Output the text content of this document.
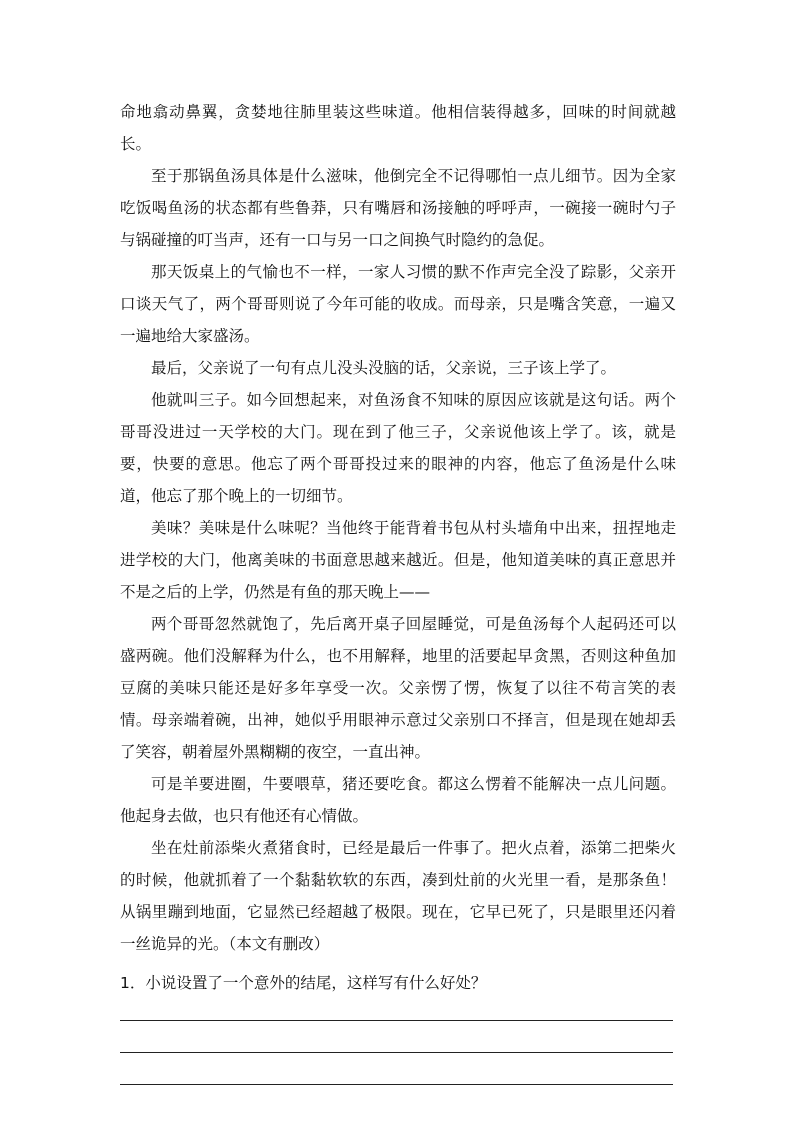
命地翕动鼻翼，贪婪地往肺里装这些味道。他相信装得越多，回味的时间就越长。

至于那锅鱼汤具体是什么滋味，他倒完全不记得哪怕一点儿细节。因为全家吃饭喝鱼汤的状态都有些鲁莽，只有嘴唇和汤接触的呼呼声，一碗接一碗时勺子与锅碰撞的叮当声，还有一口与另一口之间换气时隐约的急促。

那天饭桌上的气愉也不一样，一家人习惯的默不作声完全没了踪影，父亲开口谈天气了，两个哥哥则说了今年可能的收成。而母亲，只是嘴含笑意，一遍又一遍地给大家盛汤。

最后，父亲说了一句有点儿没头没脑的话，父亲说，三子该上学了。

他就叫三子。如今回想起来，对鱼汤食不知味的原因应该就是这句话。两个哥哥没进过一天学校的大门。现在到了他三子，父亲说他该上学了。该，就是要，快要的意思。他忘了两个哥哥投过来的眼神的内容，他忘了鱼汤是什么味道，他忘了那个晚上的一切细节。

美味？美味是什么味呢？当他终于能背着书包从村头墙角中出来，扭捏地走进学校的大门，他离美味的书面意思越来越近。但是，他知道美味的真正意思并不是之后的上学，仍然是有鱼的那天晚上——

两个哥哥忽然就饱了，先后离开桌子回屋睡觉，可是鱼汤每个人起码还可以盛两碗。他们没解释为什么，也不用解释，地里的活要起早贪黑，否则这种鱼加豆腐的美味只能还是好多年享受一次。父亲愣了愣，恢复了以往不苟言笑的表情。母亲端着碗，出神，她似乎用眼神示意过父亲别口不择言，但是现在她却丢了笑容，朝着屋外黑糊糊的夜空，一直出神。

可是羊要进圈，牛要喂草，猪还要吃食。都这么愣着不能解决一点儿问题。他起身去做，也只有他还有心情做。

坐在灶前添柴火煮猪食时，已经是最后一件事了。把火点着，添第二把柴火的时候，他就抓着了一个黏黏软软的东西，凑到灶前的火光里一看，是那条鱼！从锅里蹦到地面，它显然已经超越了极限。现在，它早已死了，只是眼里还闪着一丝诡异的光。（本文有删改）

1．小说设置了一个意外的结尾，这样写有什么好处？
